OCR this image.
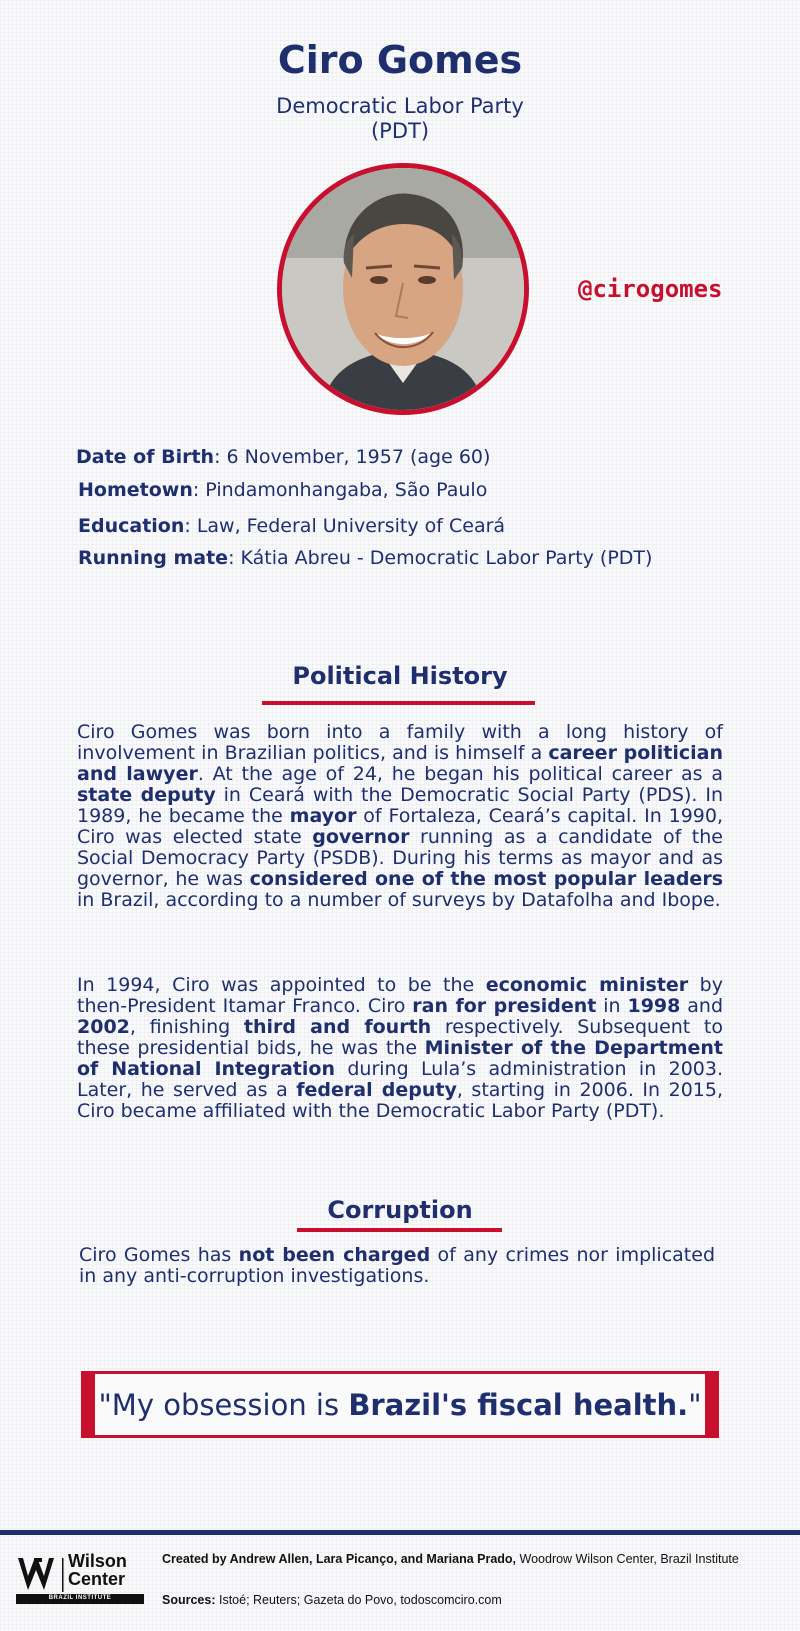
Ciro Gomes
Democratic Labor Party
(PDT)
@cirogomes
Date of Birth: 6 November, 1957 (age 60)
Hometown: Pindamonhangaba, São Paulo
Education: Law, Federal University of Ceará
Running mate: Kátia Abreu - Democratic Labor Party (PDT)
Political History
Ciro Gomes was born into a family with a long history of involvement in Brazilian politics, and is himself a career politician and lawyer. At the age of 24, he began his political career as a state deputy in Ceará with the Democratic Social Party (PDS). In 1989, he became the mayor of Fortaleza, Ceará’s capital. In 1990, Ciro was elected state governor running as a candidate of the Social Democracy Party (PSDB). During his terms as mayor and as governor, he was considered one of the most popular leaders in Brazil, according to a number of surveys by Datafolha and Ibope.
In 1994, Ciro was appointed to be the economic minister by then-President Itamar Franco. Ciro ran for president in 1998 and 2002, finishing third and fourth respectively. Subsequent to these presidential bids, he was the Minister of the Department of National Integration during Lula’s administration in 2003. Later, he served as a federal deputy, starting in 2006. In 2015, Ciro became affiliated with the Democratic Labor Party (PDT).
Corruption
Ciro Gomes has not been charged of any crimes nor implicated in any anti-corruption investigations.
"My obsession is Brazil's fiscal health."
Wilson
Center
BRAZIL INSTITUTE
Created by Andrew Allen, Lara Picanço, and Mariana Prado, Woodrow Wilson Center, Brazil Institute
Sources: Istoé; Reuters; Gazeta do Povo, todoscomciro.com
